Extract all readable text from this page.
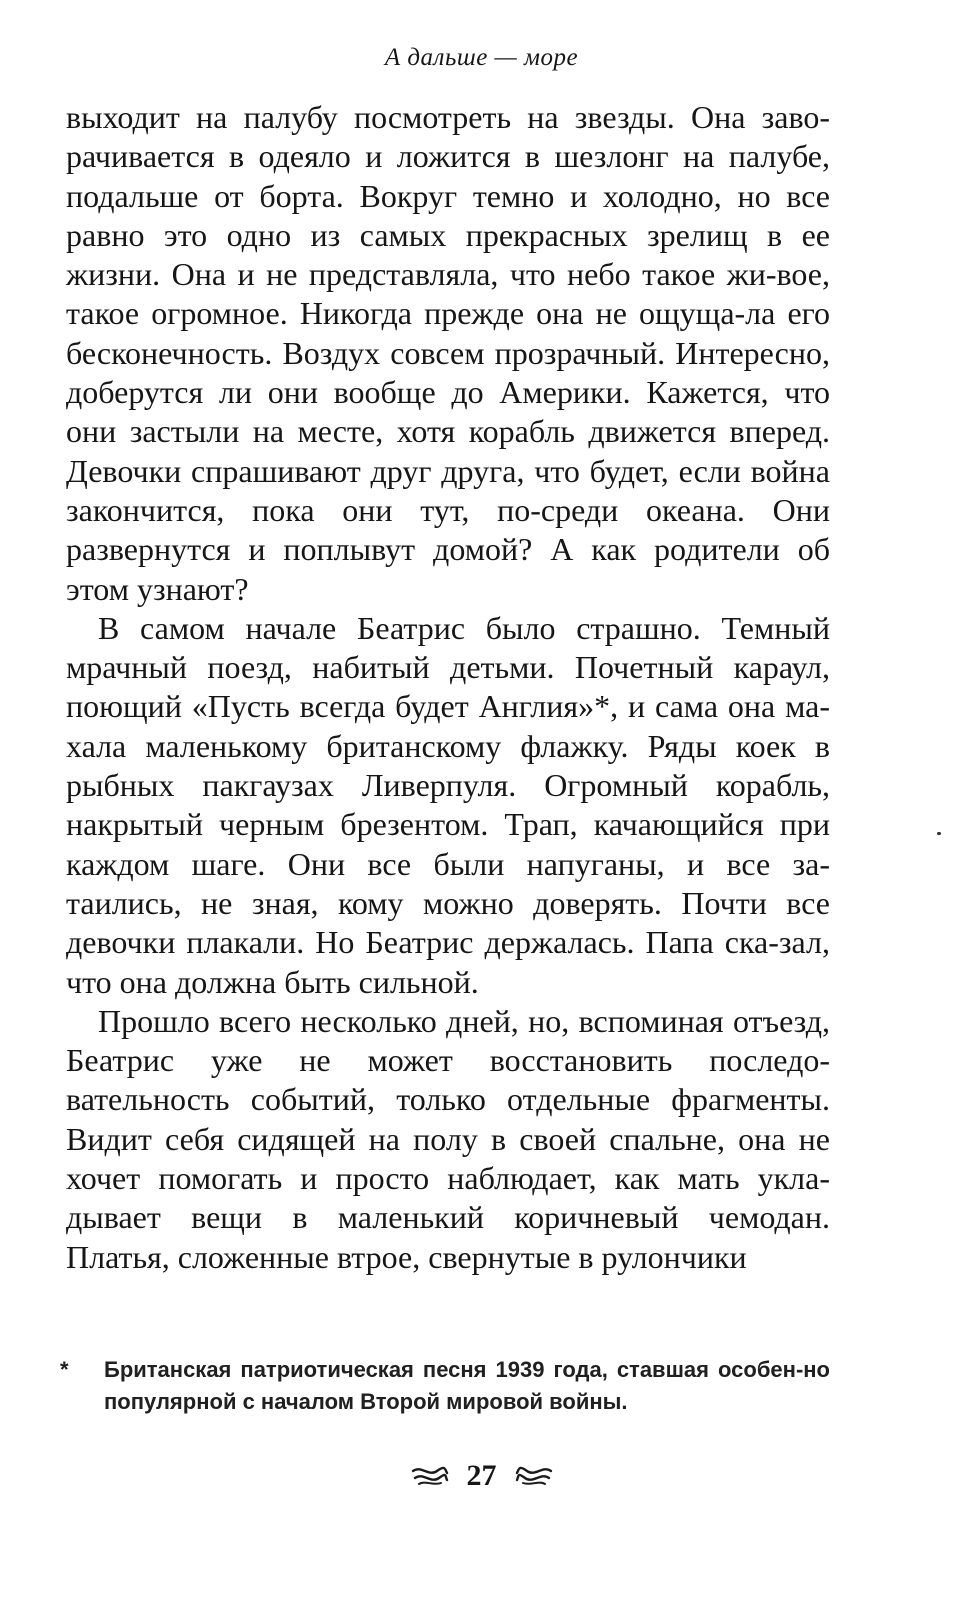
А дальше — море

выходит на палубу посмотреть на звезды. Она заво-рачивается в одеяло и ложится в шезлонг на палубе, подальше от борта. Вокруг темно и холодно, но все равно это одно из самых прекрасных зрелищ в ее жизни. Она и не представляла, что небо такое жи-вое, такое огромное. Никогда прежде она не ощуща-ла его бесконечность. Воздух совсем прозрачный. Интересно, доберутся ли они вообще до Америки. Кажется, что они застыли на месте, хотя корабль движется вперед. Девочки спрашивают друг друга, что будет, если война закончится, пока они тут, по-среди океана. Они развернутся и поплывут домой? А как родители об этом узнают?

В самом начале Беатрис было страшно. Темный мрачный поезд, набитый детьми. Почетный караул, поющий «Пусть всегда будет Англия»*, и сама она ма-хала маленькому британскому флажку. Ряды коек в рыбных пакгаузах Ливерпуля. Огромный корабль, накрытый черным брезентом. Трап, качающийся при каждом шаге. Они все были напуганы, и все за-таились, не зная, кому можно доверять. Почти все девочки плакали. Но Беатрис держалась. Папа ска-зал, что она должна быть сильной.

Прошло всего несколько дней, но, вспоминая отъезд, Беатрис уже не может восстановить последо-вательность событий, только отдельные фрагменты. Видит себя сидящей на полу в своей спальне, она не хочет помогать и просто наблюдает, как мать укла-дывает вещи в маленький коричневый чемодан. Платья, сложенные втрое, свернутые в рулончики

*	Британская патриотическая песня 1939 года, ставшая особен-но популярной с началом Второй мировой войны.
27
